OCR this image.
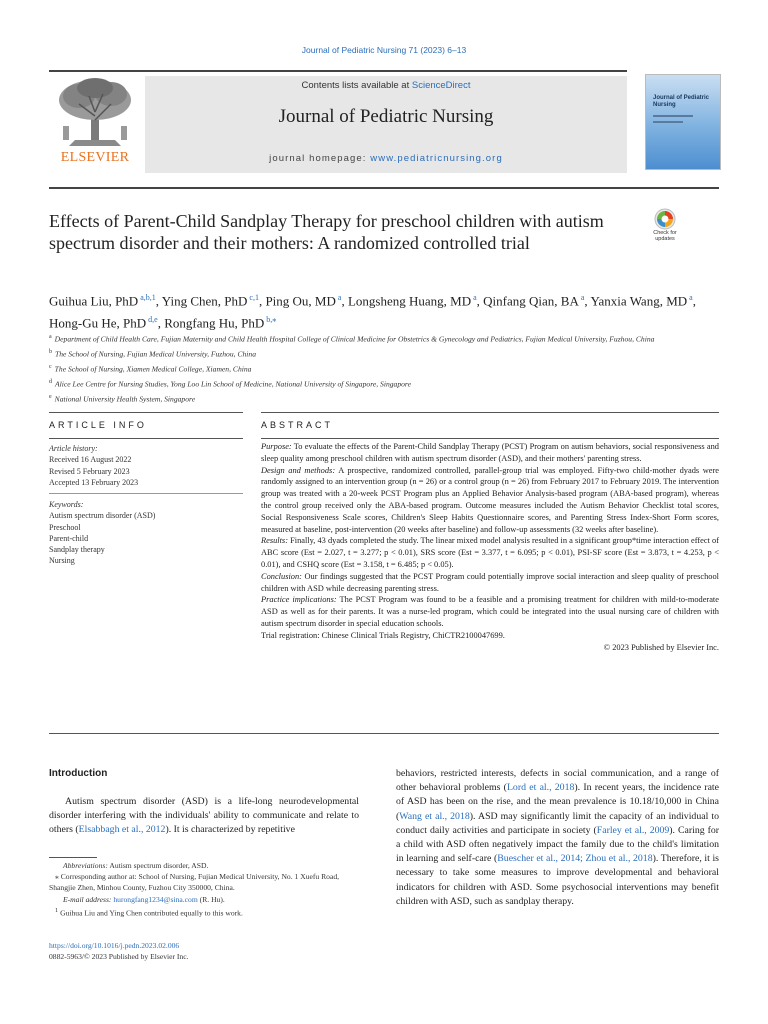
Journal of Pediatric Nursing 71 (2023) 6–13
ELSEVIER
Contents lists available at ScienceDirect
Journal of Pediatric Nursing
journal homepage: www.pediatricnursing.org
Journal of Pediatric Nursing
Effects of Parent-Child Sandplay Therapy for preschool children with autism spectrum disorder and their mothers: A randomized controlled trial	Check for updates
Guihua Liu, PhD $^{a,b,1}$, Ying Chen, PhD $^{c,1}$, Ping Ou, MD $^a$, Longsheng Huang, MD $^a$, Qinfang Qian, BA $^a$, Yanxia Wang, MD $^a$, Hong-Gu He, PhD $^{d,e}$, Rongfang Hu, PhD $^{b,⁎}$
$^a$ Department of Child Health Care, Fujian Maternity and Child Health Hospital College of Clinical Medicine for Obstetrics & Gynecology and Pediatrics, Fujian Medical University, Fuzhou, China
$^b$ The School of Nursing, Fujian Medical University, Fuzhou, China
$^c$ The School of Nursing, Xiamen Medical College, Xiamen, China
$^d$ Alice Lee Centre for Nursing Studies, Yong Loo Lin School of Medicine, National University of Singapore, Singapore
$^e$ National University Health System, Singapore
ARTICLE INFO	ABSTRACT
Article history:
Received 16 August 2022
Revised 5 February 2023
Accepted 13 February 2023
Keywords:
Autism spectrum disorder (ASD)
Preschool
Parent-child
Sandplay therapy
Nursing

Purpose: To evaluate the effects of the Parent-Child Sandplay Therapy (PCST) Program on autism behaviors, social responsiveness and sleep quality among preschool children with autism spectrum disorder (ASD), and their mothers' parenting stress.

Design and methods: A prospective, randomized controlled, parallel-group trial was employed. Fifty-two child-mother dyads were randomly assigned to an intervention group (n = 26) or a control group (n = 26) from February 2017 to February 2019. The intervention group was treated with a 20-week PCST Program plus an Applied Behavior Analysis-based program (ABA-based program), whereas the control group received only the ABA-based program. Outcome measures included the Autism Behavior Checklist total scores, Social Responsiveness Scale scores, Children's Sleep Habits Questionnaire scores, and Parenting Stress Index-Short Form scores, measured at baseline, post-intervention (20 weeks after baseline) and follow-up assessments (32 weeks after baseline).

Results: Finally, 43 dyads completed the study. The linear mixed model analysis resulted in a significant group*time interaction effect of ABC score (Est = 2.027, t = 3.277; p < 0.01), SRS score (Est = 3.377, t = 6.095; p < 0.01), PSI-SF score (Est = 3.873, t = 4.253, p < 0.01), and CSHQ score (Est = 3.158, t = 6.485; p < 0.05).

Conclusion: Our findings suggested that the PCST Program could potentially improve social interaction and sleep quality of preschool children with ASD while decreasing parenting stress.

Practice implications: The PCST Program was found to be a feasible and a promising treatment for children with mild-to-moderate ASD as well as for their parents. It was a nurse-led program, which could be integrated into the usual nursing care of children with autism spectrum disorder in special education schools.

Trial registration: Chinese Clinical Trials Registry, ChiCTR2100047699.

© 2023 Published by Elsevier Inc.

Introduction

Autism spectrum disorder (ASD) is a life-long neurodevelopmental disorder interfering with the individuals' ability to communicate and relate to others (Elsabbagh et al., 2012). It is characterized by repetitive

behaviors, restricted interests, defects in social communication, and a range of other behavioral problems (Lord et al., 2018). In recent years, the incidence rate of ASD has been on the rise, and the mean prevalence is 10.18/10,000 in China (Wang et al., 2018). ASD may significantly limit the capacity of an individual to conduct daily activities and participate in society (Farley et al., 2009). Caring for a child with ASD often negatively impact the family due to the child's limitation in learning and self-care (Buescher et al., 2014; Zhou et al., 2018). Therefore, it is necessary to take some measures to improve developmental and behavioral indicators for children with ASD. Some psychosocial interventions may benefit children with ASD, such as sandplay therapy.

Abbreviations: Autism spectrum disorder, ASD.
⁎ Corresponding author at: School of Nursing, Fujian Medical University, No. 1 Xuefu Road, Shangjie Zhen, Minhou County, Fuzhou City 350000, China.
E-mail address: hurongfang1234@sina.com (R. Hu).
$^1$ Guihua Liu and Ying Chen contributed equally to this work.
https://doi.org/10.1016/j.pedn.2023.02.006
0882-5963/© 2023 Published by Elsevier Inc.
